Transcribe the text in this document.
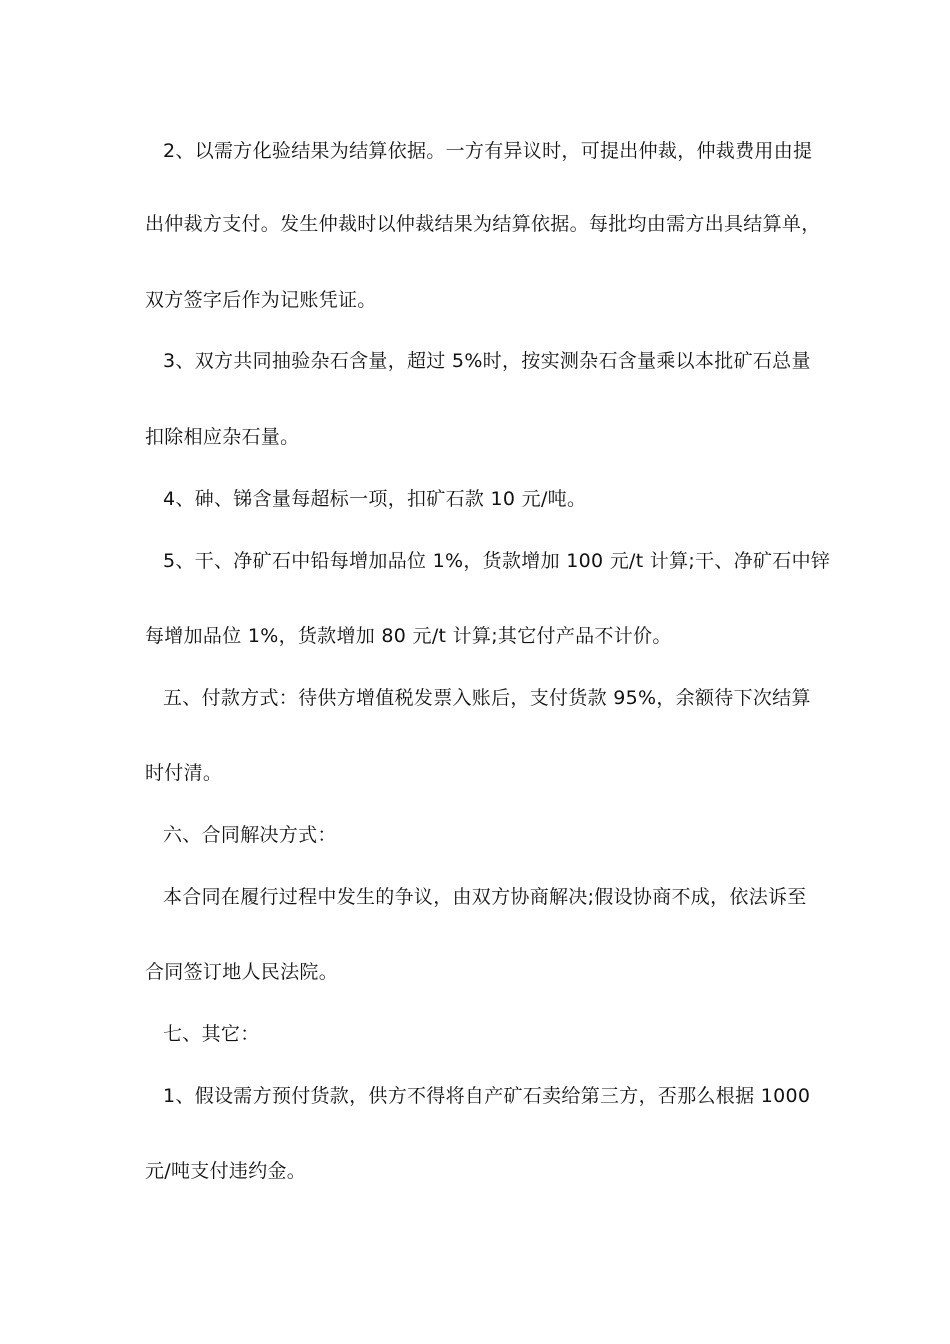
2、以需方化验结果为结算依据。一方有异议时，可提出仲裁，仲裁费用由提
出仲裁方支付。发生仲裁时以仲裁结果为结算依据。每批均由需方出具结算单，
双方签字后作为记账凭证。
3、双方共同抽验杂石含量，超过 5%时，按实测杂石含量乘以本批矿石总量
扣除相应杂石量。
4、砷、锑含量每超标一项，扣矿石款 10 元/吨。
5、干、净矿石中铅每增加品位 1%，货款增加 100 元/t 计算;干、净矿石中锌
每增加品位 1%，货款增加 80 元/t 计算;其它付产品不计价。
五、付款方式：待供方增值税发票入账后，支付货款 95%，余额待下次结算
时付清。
六、合同解决方式：
本合同在履行过程中发生的争议，由双方协商解决;假设协商不成，依法诉至
合同签订地人民法院。
七、其它：
1、假设需方预付货款，供方不得将自产矿石卖给第三方，否那么根据 1000
元/吨支付违约金。
